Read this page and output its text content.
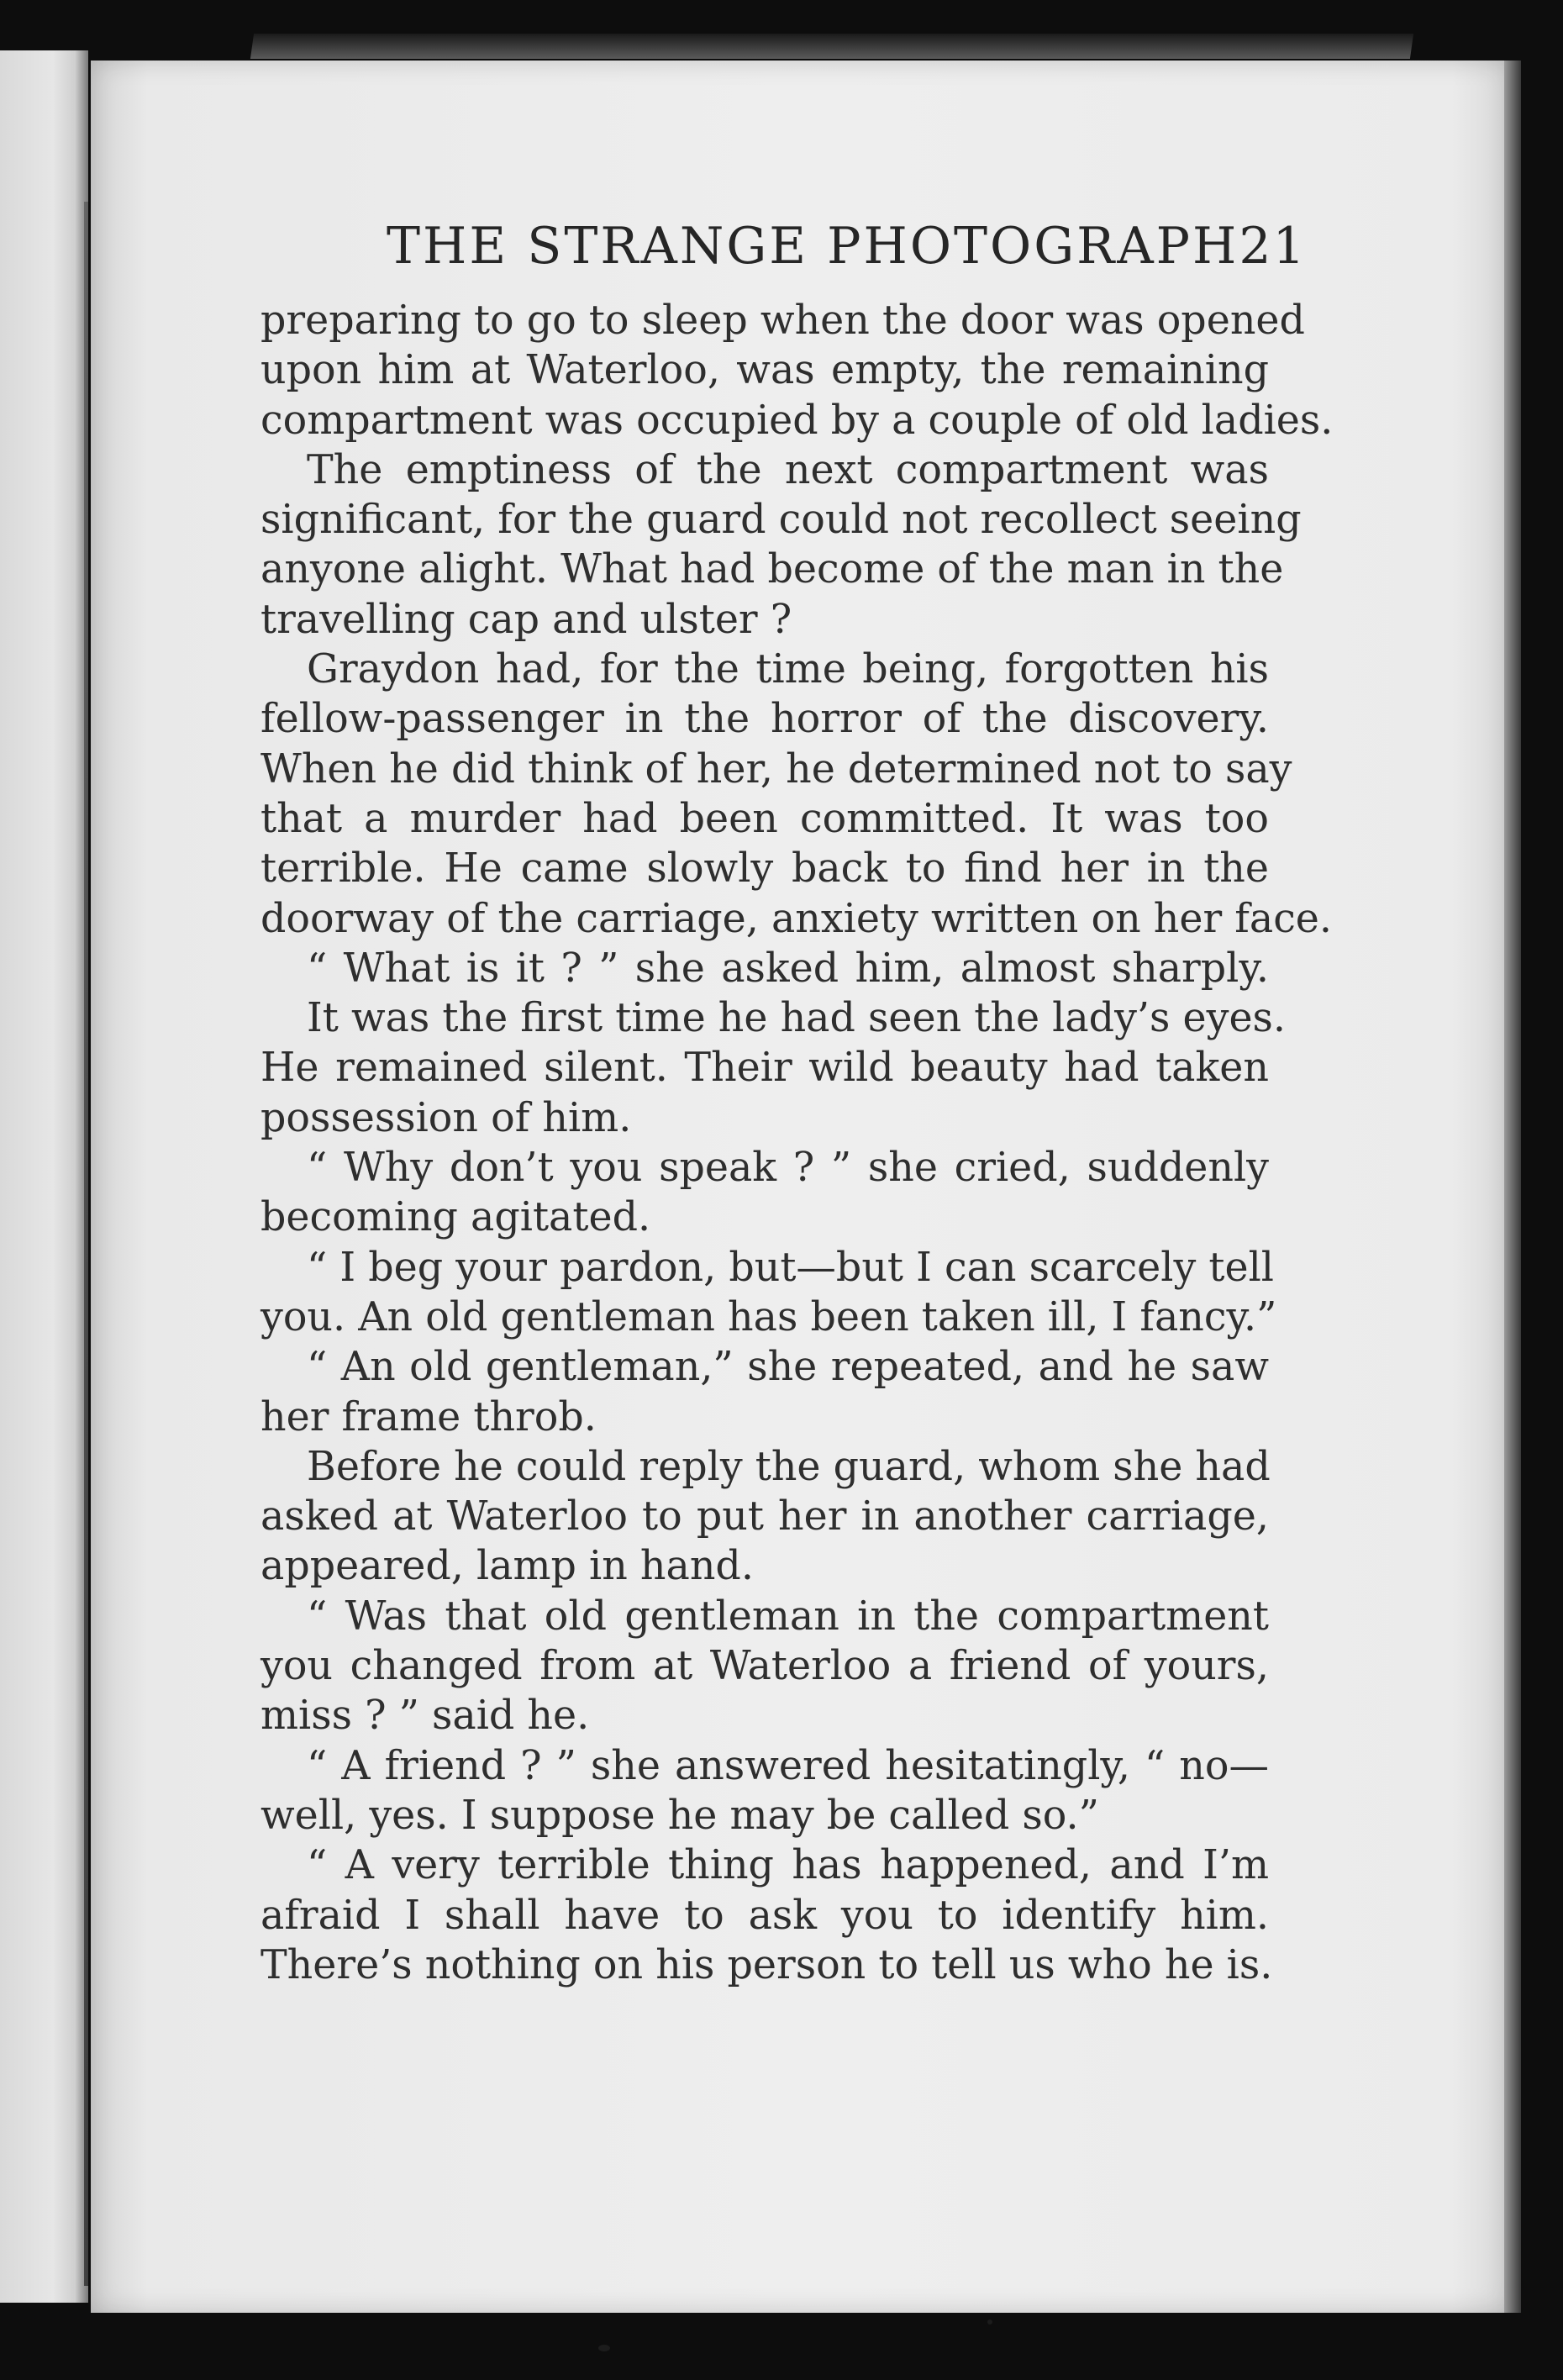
THE STRANGE PHOTOGRAPH 21
preparing to go to sleep when the door was opened
upon him at Waterloo, was empty, the remaining
compartment was occupied by a couple of old ladies.
The emptiness of the next compartment was
significant, for the guard could not recollect seeing
anyone alight. What had become of the man in the
travelling cap and ulster ?
Graydon had, for the time being, forgotten his
fellow-passenger in the horror of the discovery.
When he did think of her, he determined not to say
that a murder had been committed. It was too
terrible. He came slowly back to find her in the
doorway of the carriage, anxiety written on her face.
“ What is it ? ” she asked him, almost sharply.
It was the first time he had seen the lady’s eyes.
He remained silent. Their wild beauty had taken
possession of him.
“ Why don’t you speak ? ” she cried, suddenly
becoming agitated.
“ I beg your pardon, but—but I can scarcely tell
you. An old gentleman has been taken ill, I fancy.”
“ An old gentleman,” she repeated, and he saw
her frame throb.
Before he could reply the guard, whom she had
asked at Waterloo to put her in another carriage,
appeared, lamp in hand.
“ Was that old gentleman in the compartment
you changed from at Waterloo a friend of yours,
miss ? ” said he.
“ A friend ? ” she answered hesitatingly, “ no—
well, yes. I suppose he may be called so.”
“ A very terrible thing has happened, and I’m
afraid I shall have to ask you to identify him.
There’s nothing on his person to tell us who he is.
